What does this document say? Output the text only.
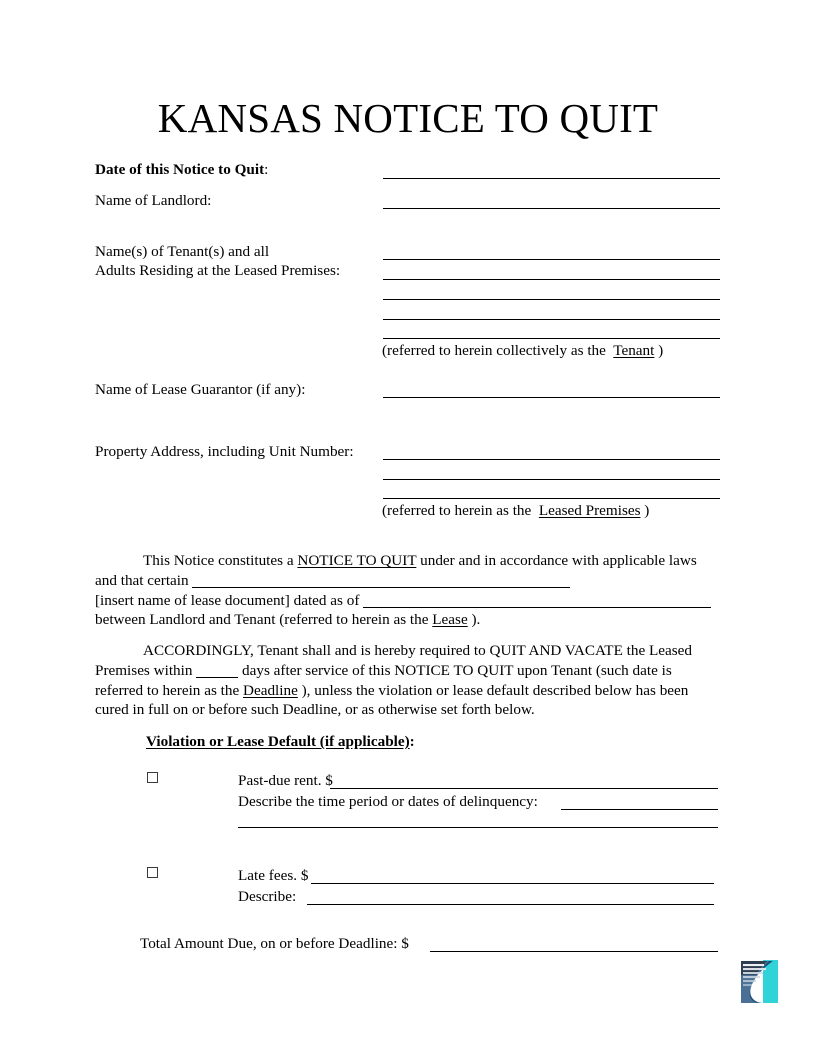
KANSAS NOTICE TO QUIT
Date of this Notice to Quit:
Name of Landlord:
Name(s) of Tenant(s) and all
Adults Residing at the Leased Premises:
(referred to herein collectively as the Tenant )
Name of Lease Guarantor (if any):
Property Address, including Unit Number:
(referred to herein as the Leased Premises )
This Notice constitutes a NOTICE TO QUIT under and in accordance with applicable laws and that certain
[insert name of lease document] dated as of
between Landlord and Tenant (referred to herein as the Lease ).
ACCORDINGLY, Tenant shall and is hereby required to QUIT AND VACATE the Leased Premises within	days after service of this NOTICE TO QUIT upon Tenant (such date is referred to herein as the Deadline ), unless the violation or lease default described below has been cured in full on or before such Deadline, or as otherwise set forth below.
Violation or Lease Default (if applicable):
Past-due rent. $
Describe the time period or dates of delinquency:
Late fees. $
Describe:
Total Amount Due, on or before Deadline: $
